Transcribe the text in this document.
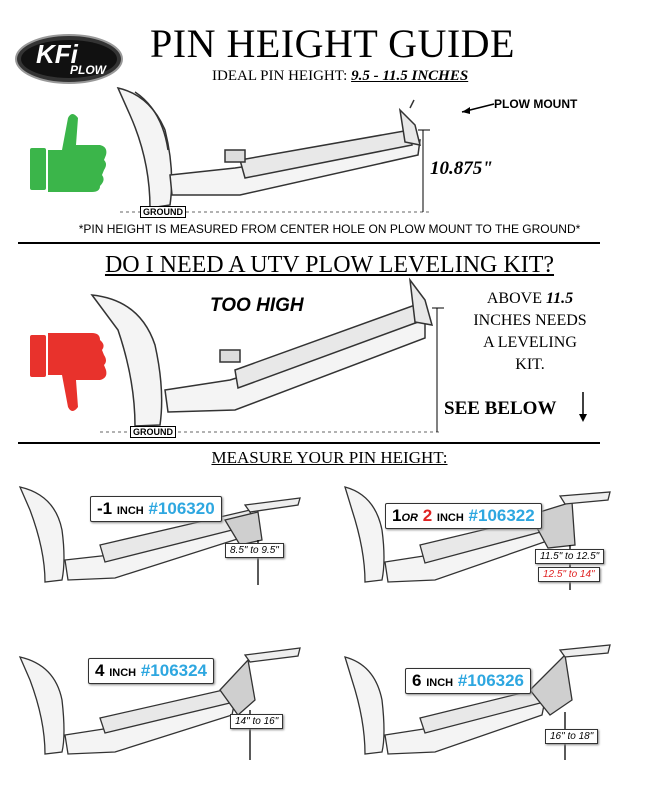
KFi
PLOW
PIN HEIGHT GUIDE
IDEAL PIN HEIGHT: 9.5 - 11.5 INCHES
PLOW MOUNT
10.875"
GROUND
*PIN HEIGHT IS MEASURED FROM CENTER HOLE ON PLOW MOUNT TO THE GROUND*
DO I NEED A UTV PLOW LEVELING KIT?
TOO HIGH	ABOVE 11.5
INCHES NEEDS
A LEVELING
KIT.
SEE BELOW
GROUND
MEASURE YOUR PIN HEIGHT:
-1 INCH #106320
8.5" to 9.5"
1OR 2 INCH #106322
11.5" to 12.5"
12.5" to 14"
4 INCH #106324
14" to 16"
6 INCH #106326
16" to 18"
